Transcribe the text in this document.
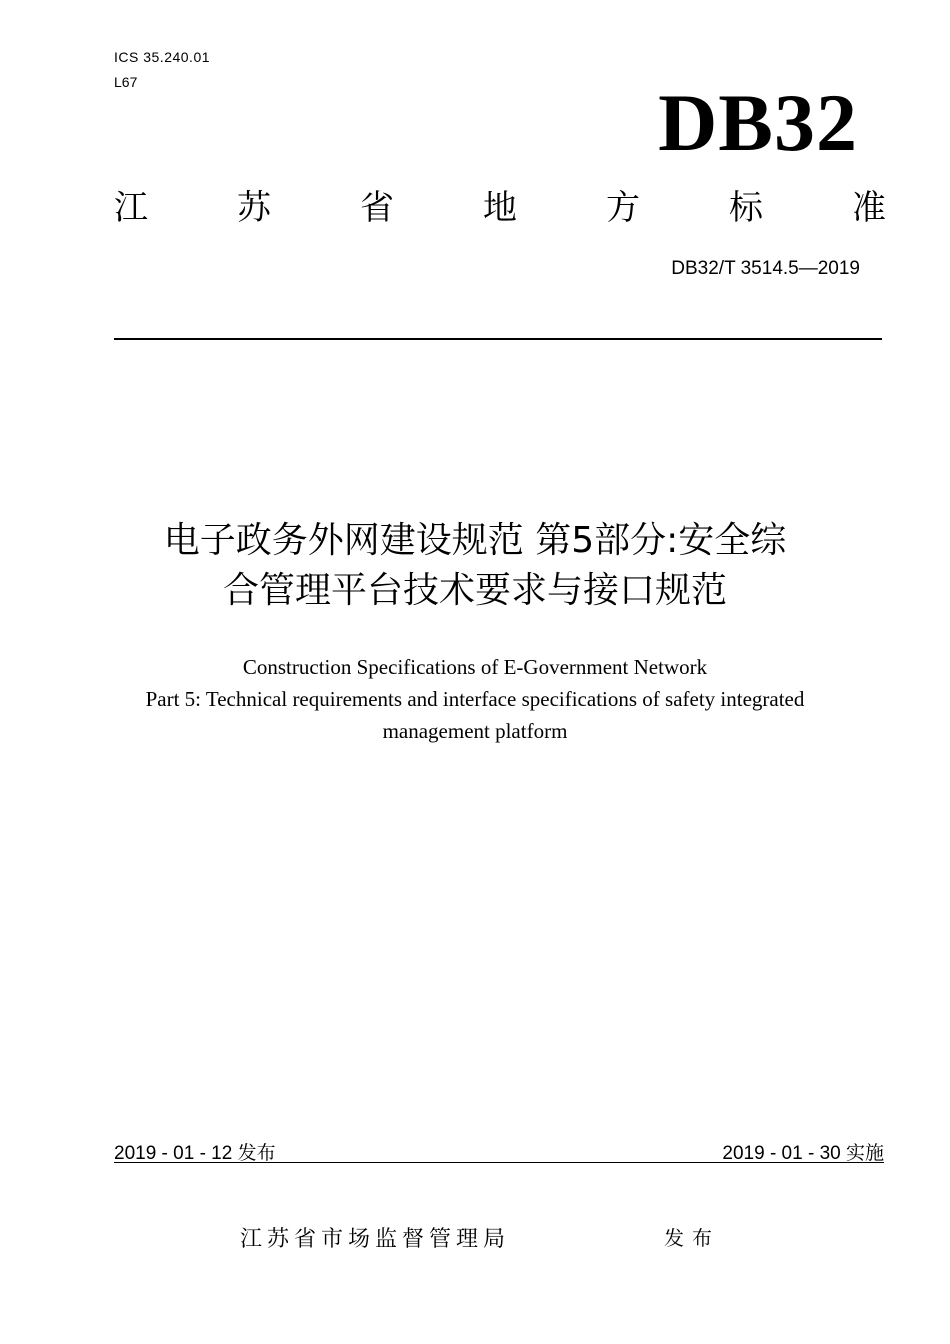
ICS 35.240.01
L67	DB32
江	苏	省	地	方	标	准
DB32/T 3514.5—2019
电子政务外网建设规范 第5部分:安全综
合管理平台技术要求与接口规范
Construction Specifications of E-Government Network
Part 5: Technical requirements and interface specifications of safety integrated
management platform
2019 - 01 - 12 发布	2019 - 01 - 30 实施
江苏省市场监督管理局	发布
